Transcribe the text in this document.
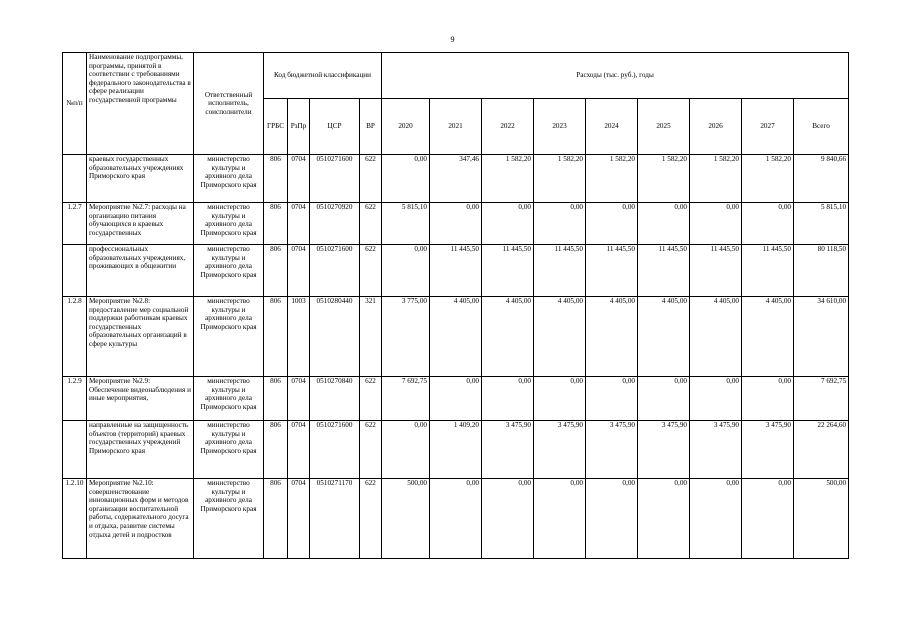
9
№п/п	Наименование подпрограммы, программы, принятой в соответствии с требованиями федерального законодательства в сфере реализации государственной программы	Ответственный исполнитель, соисполнители	Код бюджетной классификации				Расходы (тыс. руб.), годы								
			ГРБС	РзПр	ЦСР	ВР	2020	2021	2022	2023	2024	2025	2026	2027	Всего
	краевых государственных образовательных учреждениях Приморского края	министерство культуры и архивного дела Приморского края	806	0704	0510271600	622	0,00	347,46	1 582,20	1 582,20	1 582,20	1 582,20	1 582,20	1 582,20	9 840,66
1.2.7	Мероприятие №2.7: расходы на организацию питания обучающихся в краевых государственных	министерство культуры и архивного дела Приморского края	806	0704	0510270920	622	5 815,10	0,00	0,00	0,00	0,00	0,00	0,00	0,00	5 815,10
	профессиональных образовательных учреждениях, проживающих в общежитии	министерство культуры и архивного дела Приморского края	806	0704	0510271600	622	0,00	11 445,50	11 445,50	11 445,50	11 445,50	11 445,50	11 445,50	11 445,50	80 118,50
1.2.8	Мероприятие №2.8: предоставление мер социальной поддержки работникам краевых государственных образовательных организаций в сфере культуры	министерство культуры и архивного дела Приморского края	806	1003	0510280440	321	3 775,00	4 405,00	4 405,00	4 405,00	4 405,00	4 405,00	4 405,00	4 405,00	34 610,00
1.2.9	Мероприятие №2.9: Обеспечение видеонаблюдения и иные мероприятия,	министерство культуры и архивного дела Приморского края	806	0704	0510270840	622	7 692,75	0,00	0,00	0,00	0,00	0,00	0,00	0,00	7 692,75
	направленные на защищенность объектов (территорий) краевых государственных учреждений Приморского края	министерство культуры и архивного дела Приморского края	806	0704	0510271600	622	0,00	1 409,20	3 475,90	3 475,90	3 475,90	3 475,90	3 475,90	3 475,90	22 264,60
1.2.10	Мероприятие №2.10: совершенствование инновационных форм и методов организации воспитательной работы, содержательного досуга и отдыха, развитие системы отдыха детей и подростков	министерство культуры и архивного дела Приморского края	806	0704	0510271170	622	500,00	0,00	0,00	0,00	0,00	0,00	0,00	0,00	500,00
